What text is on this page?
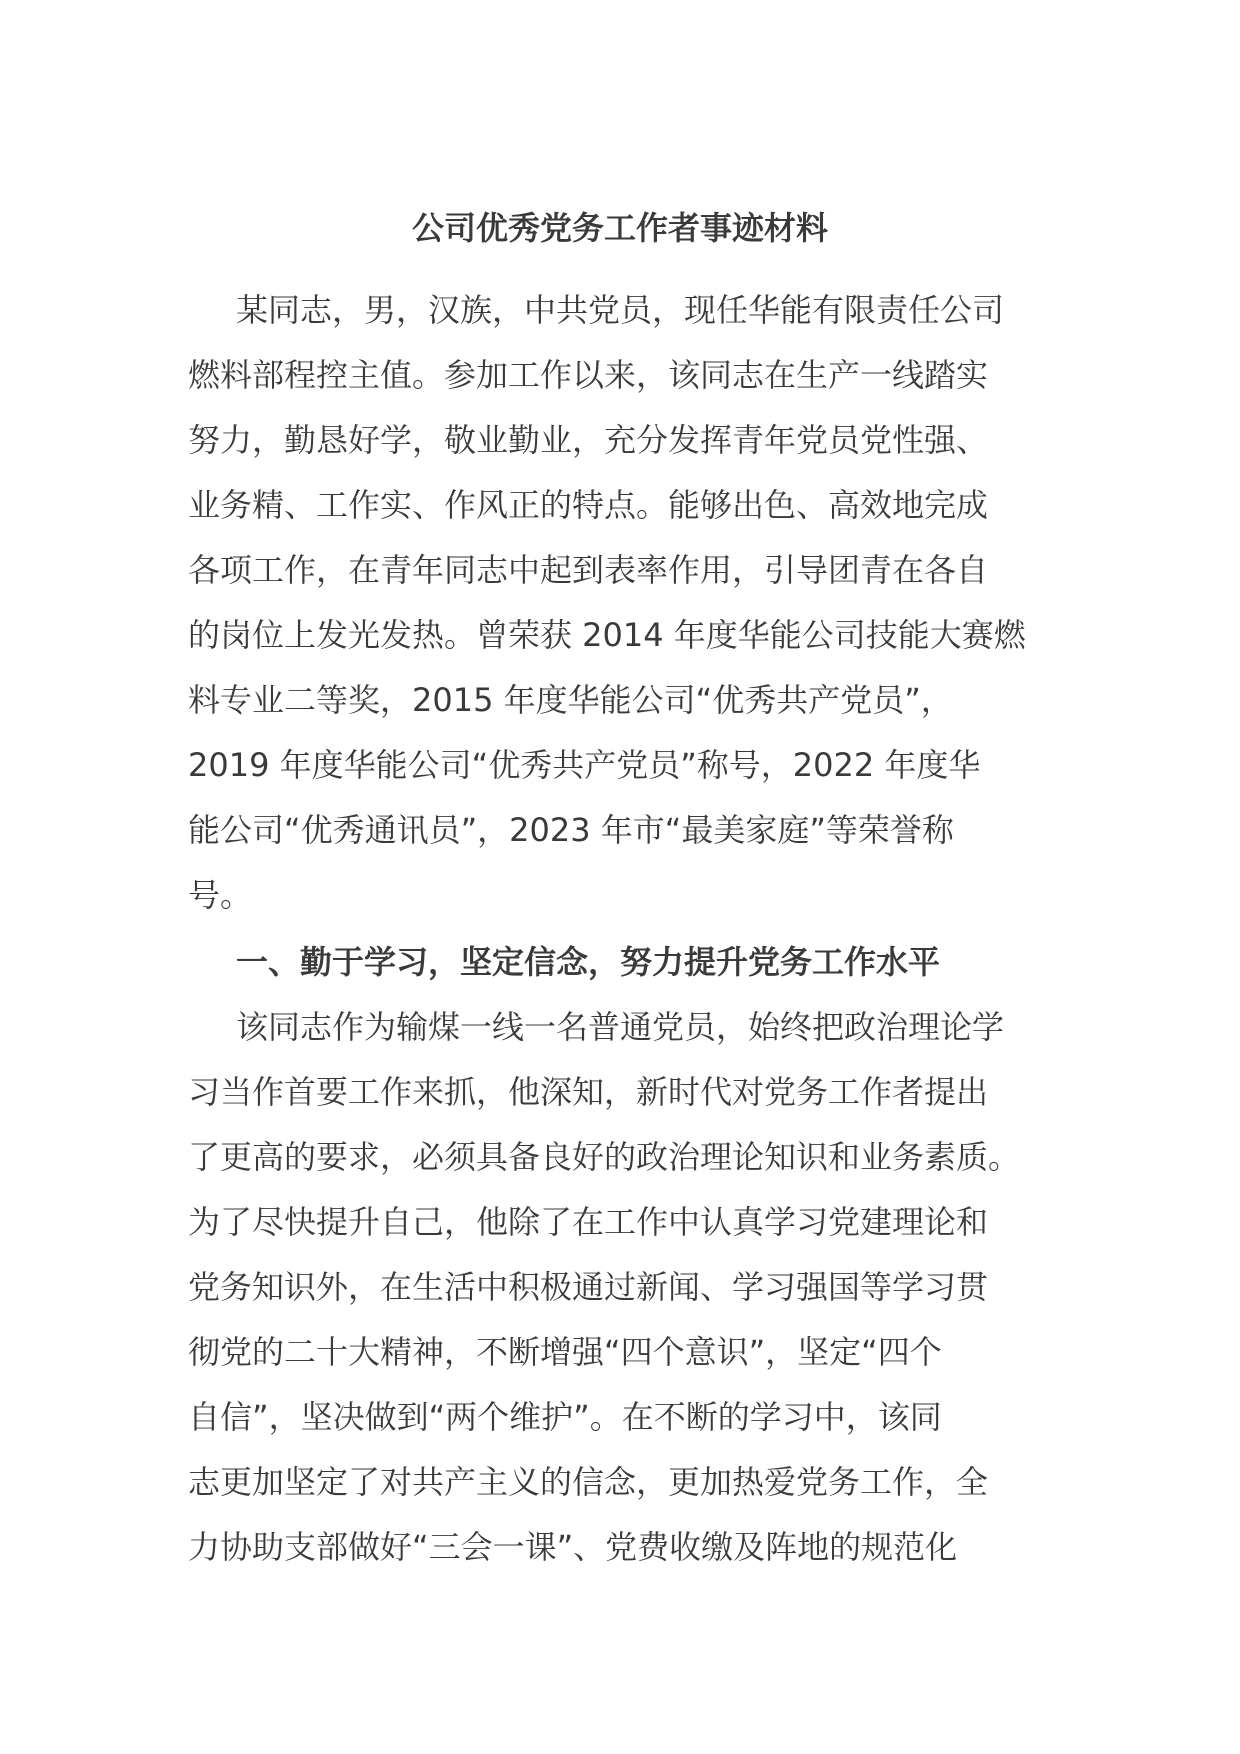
公司优秀党务工作者事迹材料
某同志，男，汉族，中共党员，现任华能有限责任公司
燃料部程控主值。参加工作以来，该同志在生产一线踏实
努力，勤恳好学，敬业勤业，充分发挥青年党员党性强、
业务精、工作实、作风正的特点。能够出色、高效地完成
各项工作，在青年同志中起到表率作用，引导团青在各自
的岗位上发光发热。曾荣获 2014 年度华能公司技能大赛燃
料专业二等奖，2015 年度华能公司“优秀共产党员”，
2019 年度华能公司“优秀共产党员”称号，2022 年度华
能公司“优秀通讯员”，2023 年市“最美家庭”等荣誉称
号。
一、勤于学习，坚定信念，努力提升党务工作水平
该同志作为输煤一线一名普通党员，始终把政治理论学
习当作首要工作来抓，他深知，新时代对党务工作者提出
了更高的要求，必须具备良好的政治理论知识和业务素质。
为了尽快提升自己，他除了在工作中认真学习党建理论和
党务知识外，在生活中积极通过新闻、学习强国等学习贯
彻党的二十大精神，不断增强“四个意识”，坚定“四个
自信”，坚决做到“两个维护”。在不断的学习中，该同
志更加坚定了对共产主义的信念，更加热爱党务工作，全
力协助支部做好“三会一课”、党费收缴及阵地的规范化
